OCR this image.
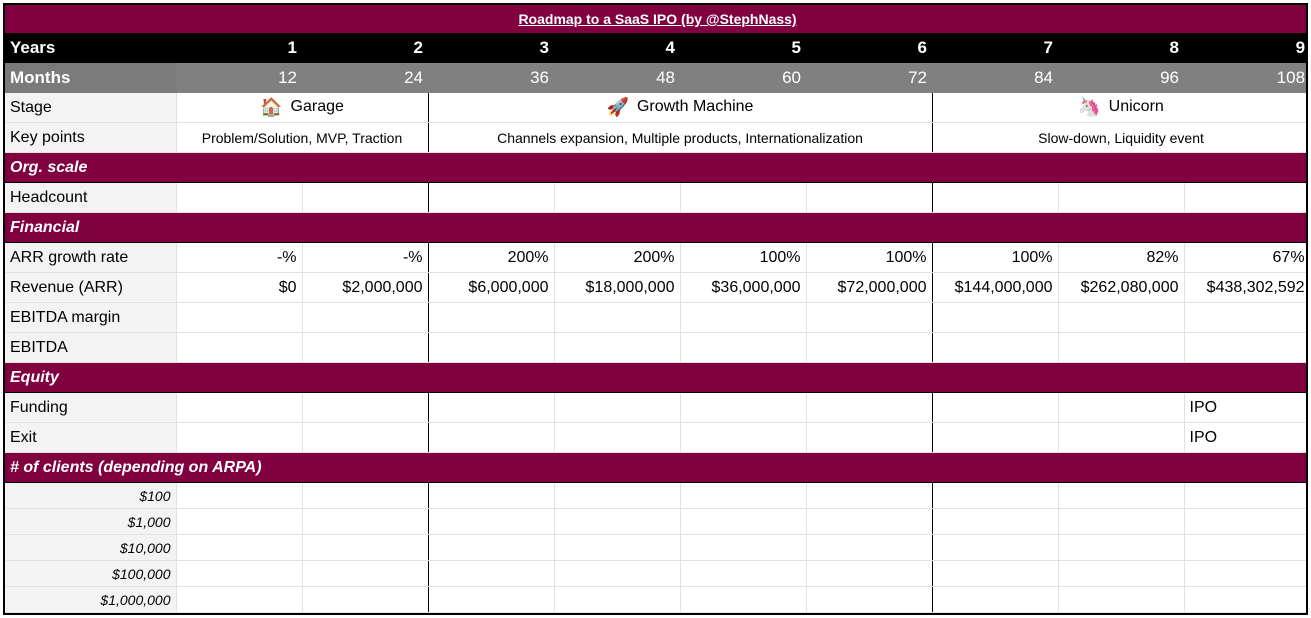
Roadmap to a SaaS IPO (by @StephNass)									
Years	1	2	3	4	5	6	7	8	9
Months	12	24	36	48	60	72	84	96	108
Stage	🏠 Garage		🚀 Growth Machine				🦄 Unicorn		
Key points	Problem/Solution, MVP, Traction		Channels expansion, Multiple products, Internationalization				Slow-down, Liquidity event		
Org. scale									
Headcount									
Financial									
ARR growth rate	-%	-%	200%	200%	100%	100%	100%	82%	67%
Revenue (ARR)	$0	$2,000,000	$6,000,000	$18,000,000	$36,000,000	$72,000,000	$144,000,000	$262,080,000	$438,302,592
EBITDA margin									
EBITDA									
Equity									
Funding									IPO
Exit									IPO
# of clients (depending on ARPA)									
$100									
$1,000									
$10,000									
$100,000									
$1,000,000									
